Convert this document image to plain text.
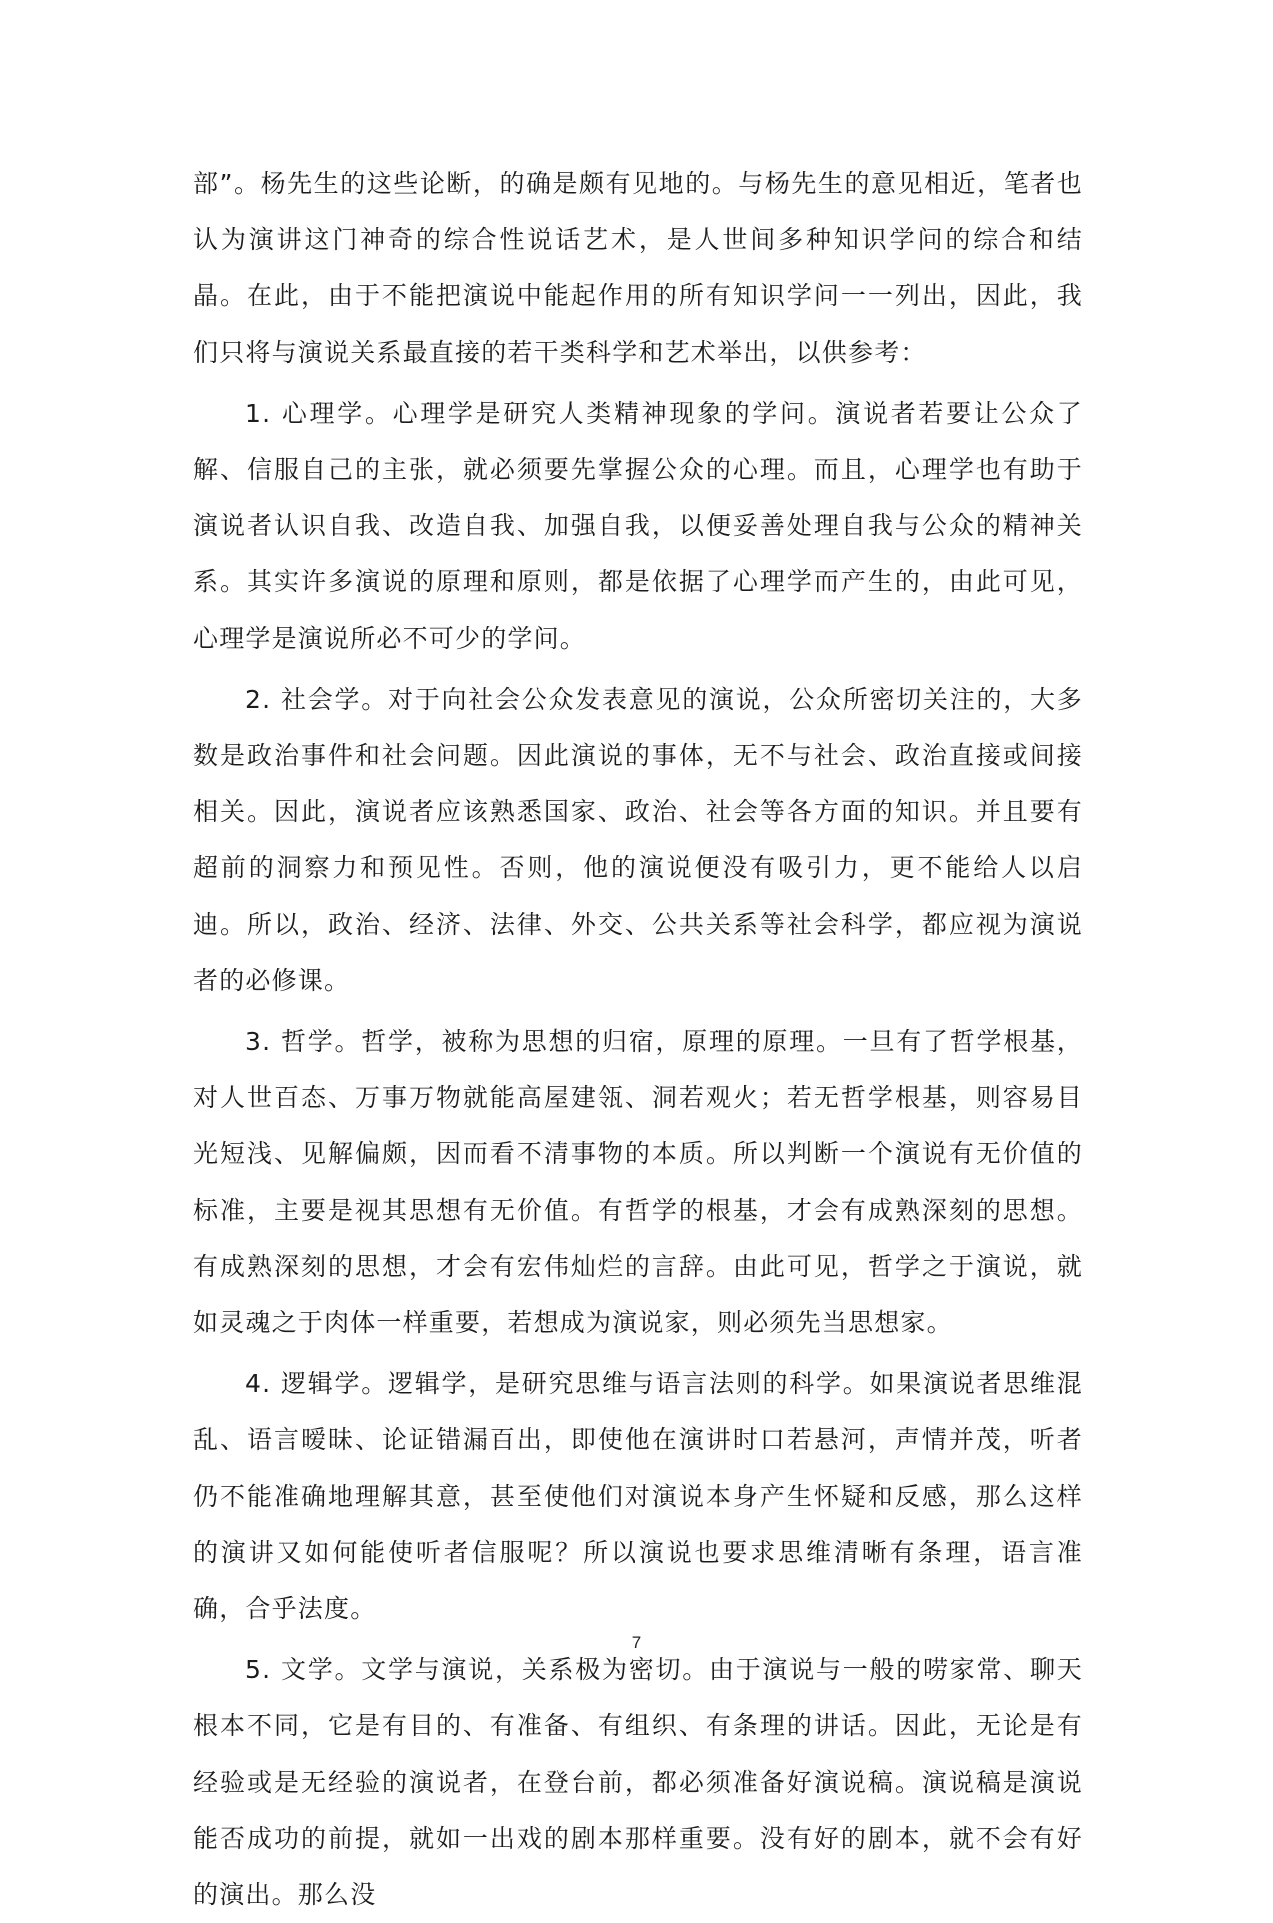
部”。杨先生的这些论断，的确是颇有见地的。与杨先生的意见相近，笔者也认为演讲这门神奇的综合性说话艺术，是人世间多种知识学问的综合和结晶。在此，由于不能把演说中能起作用的所有知识学问一一列出，因此，我们只将与演说关系最直接的若干类科学和艺术举出，以供参考：

1. 心理学。心理学是研究人类精神现象的学问。演说者若要让公众了解、信服自己的主张，就必须要先掌握公众的心理。而且，心理学也有助于演说者认识自我、改造自我、加强自我，以便妥善处理自我与公众的精神关系。其实许多演说的原理和原则，都是依据了心理学而产生的，由此可见，心理学是演说所必不可少的学问。

2. 社会学。对于向社会公众发表意见的演说，公众所密切关注的，大多数是政治事件和社会问题。因此演说的事体，无不与社会、政治直接或间接相关。因此，演说者应该熟悉国家、政治、社会等各方面的知识。并且要有超前的洞察力和预见性。否则，他的演说便没有吸引力，更不能给人以启迪。所以，政治、经济、法律、外交、公共关系等社会科学，都应视为演说者的必修课。

3. 哲学。哲学，被称为思想的归宿，原理的原理。一旦有了哲学根基，对人世百态、万事万物就能高屋建瓴、洞若观火；若无哲学根基，则容易目光短浅、见解偏颇，因而看不清事物的本质。所以判断一个演说有无价值的标准，主要是视其思想有无价值。有哲学的根基，才会有成熟深刻的思想。有成熟深刻的思想，才会有宏伟灿烂的言辞。由此可见，哲学之于演说，就如灵魂之于肉体一样重要，若想成为演说家，则必须先当思想家。

4. 逻辑学。逻辑学，是研究思维与语言法则的科学。如果演说者思维混乱、语言暧昧、论证错漏百出，即使他在演讲时口若悬河，声情并茂，听者仍不能准确地理解其意，甚至使他们对演说本身产生怀疑和反感，那么这样的演讲又如何能使听者信服呢？所以演说也要求思维清晰有条理，语言准确，合乎法度。

5. 文学。文学与演说，关系极为密切。由于演说与一般的唠家常、聊天根本不同，它是有目的、有准备、有组织、有条理的讲话。因此，无论是有经验或是无经验的演说者，在登台前，都必须准备好演说稿。演说稿是演说能否成功的前提，就如一出戏的剧本那样重要。没有好的剧本，就不会有好的演出。那么没

7
